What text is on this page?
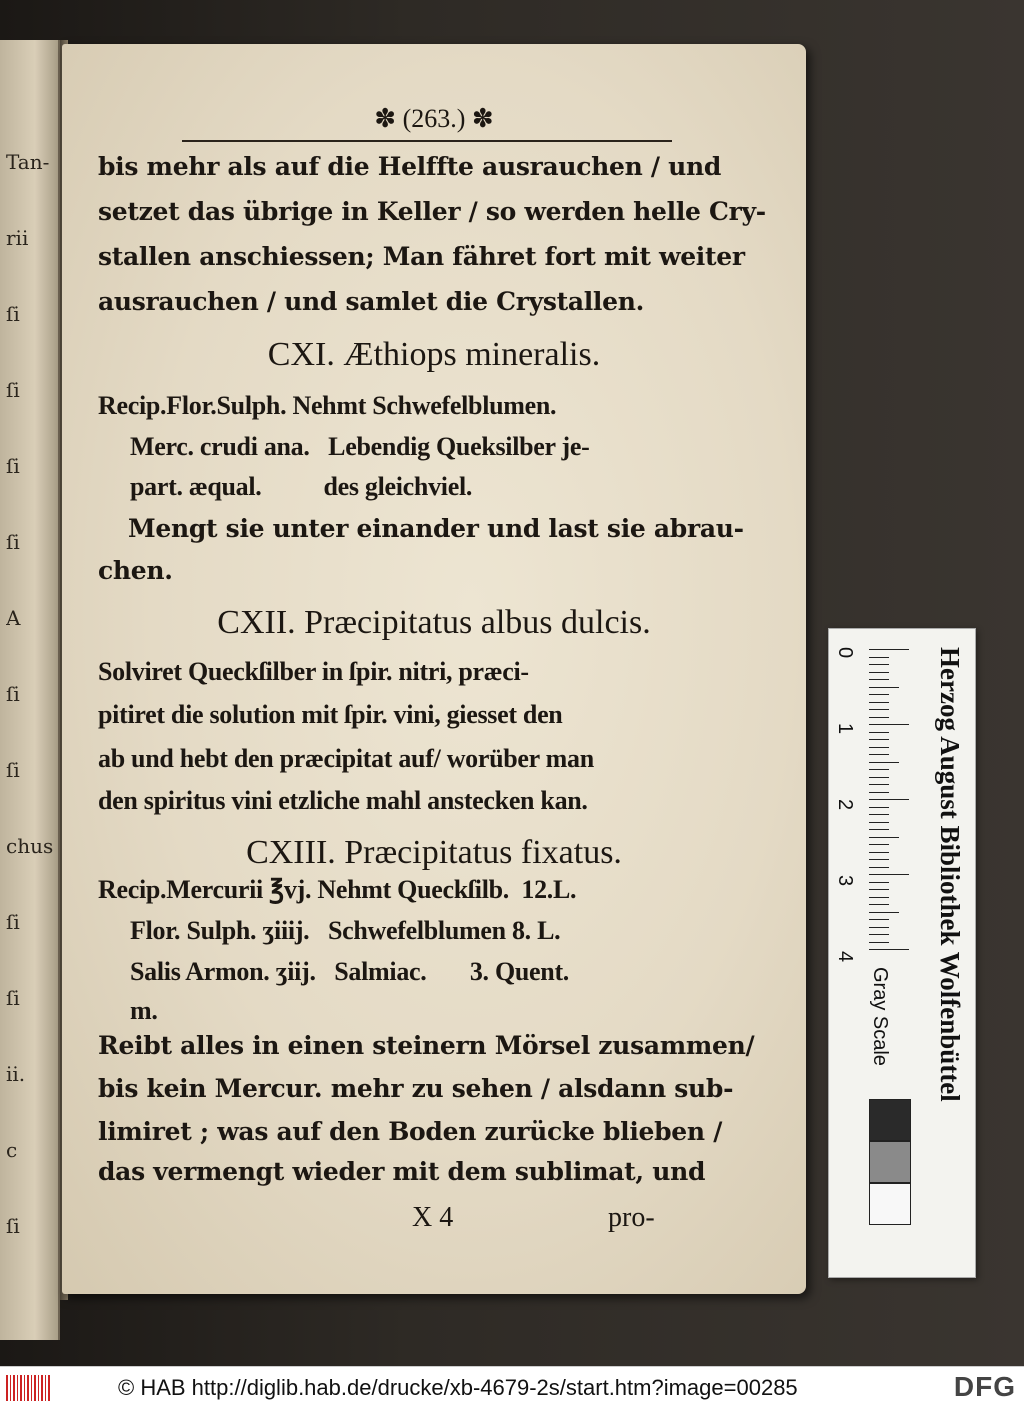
Tan-
rii
ſi
ſi
ſi
ſi
A
ſi
ſi
chus
ſi
ſi
ii.
c
ſi
✽ (263.) ✽
bis mehr als auf die Helffte ausrauchen / und
setzet das übrige in Keller / so werden helle Cry-
stallen anschiessen; Man fähret fort mit weiter
ausrauchen / und samlet die Crystallen.
CXI. Æthiops mineralis.
Recip.Flor.Sulph. Nehmt Schwefelblumen.
Merc. crudi ana.   Lebendig Queksilber je-
part. æqual.          des gleichviel.
Mengt sie unter einander und last sie abrau-
chen.
CXII. Præcipitatus albus dulcis.
Solviret Queckſilber in ſpir. nitri, præci-
pitiret die solution mit ſpir. vini, giesset den
ab und hebt den præcipitat auf/ worüber man
den spiritus vini etzliche mahl anstecken kan.
CXIII. Præcipitatus fixatus.
Recip.Mercurii ℥vj. Nehmt Queckſilb.  12.L.
Flor. Sulph. ʒiiij.   Schwefelblumen 8. L.
Salis Armon. ʒiij.   Salmiac.       3. Quent.
m.
Reibt alles in einen steinern Mörsel zusammen/
bis kein Mercur. mehr zu sehen / alsdann sub-
limiret ; was auf den Boden zurücke blieben /
das vermengt wieder mit dem sublimat, und
X 4	pro-
Herzog August Bibliothek Wolfenbüttel
Gray Scale
0
1
2
3
4
© HAB http://diglib.hab.de/drucke/xb-4679-2s/start.htm?image=00285	DFG
